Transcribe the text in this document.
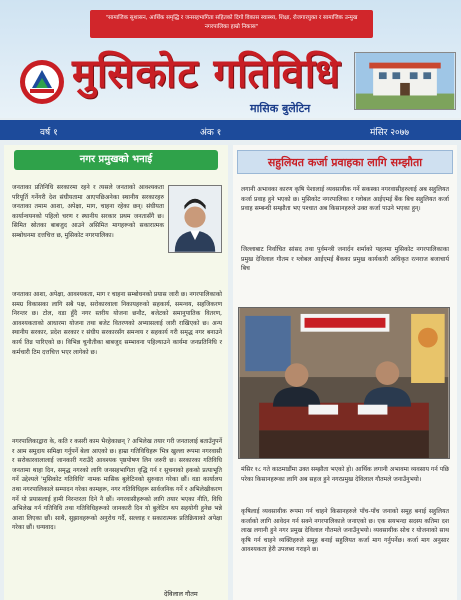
"सामाजिक सुशासन, आर्थिक समृद्धि र जनसहभागिता सहितको दिगो विकास स्वास्थ्य, शिक्षा, रोजगारयुक्त र सामाजिक उन्मुख नगरपालिका हाम्रो निकास"
मुसिकोट गतिविधि
मासिक बुलेटिन
वर्ष १	अंक १	मंसिर २०७७
नगर प्रमुखको भनाई

जनताका प्रतिनिधि सरकारमा रहने र त्यसले जनताको आवश्यकता परिपूर्ति गर्नेगरी देश संघीयतामा आएपछिअनेका स्थानीय सरकारहरु जनताका तमाम आशा, अपेक्षा, माग, चाहना रहेका छन्। संघीयता कार्यान्वयनको पहिलो चरण र स्थानीय सरकार प्रथम जनतासँगै छ। सिमित स्रोतका बाबजुद आउने असिमित मागहरूको सकारात्मक सम्बोधनमा दत्तचित्त छ, मुसिकोट नगरपालिका।

जनताका आशा, अपेक्षा, आवश्यकता, माग र चाहना सम्बोधनको प्रयास जारी छ। नगरपालिकाको समग्र विकासका लागि सबै पक्ष, सरोकारवाला निकायहरुको सहकार्य, समन्वय, सहजिकरण निरन्तर छ। टोल, वडा हुँदै नगर स्तरीय योजना छनौट, बजेटको समानुपातिक वितरण, आवश्यकताको आधारमा योजना तथा बजेट वितरणको अभ्यासलाई जारी राखिएको छ। अन्य स्थानीय सरकार, प्रदेश सरकार र संघीय सरकारसँग समन्वय र सहकार्य गरी समृद्ध नगर बनाउने कार्य तिव्र पारिएको छ। विभिन्न चुनौतीका बाबजुद सम्भावना पहिल्याउने कार्यमा जनप्रतिनिधि र कर्मचारी टिम दत्तचित्त भएर लागेको छ।

नगरपालिकाद्वारा के, कति र कसरी काम भैरहेकाछन् ? अभिलेख तयार गरी जनतालाई बताउँनुपर्ने र आम समुदाय समिक्षा गर्नुपर्ने बेला आएको छ। हाम्रा गतिविधिहरू भित्र खुल्ला रूपमा नगरवासी र सरोकारवालालाई जानकारी गराउँदै आवश्यक पृष्ठपोषण लिन जरुरी छ। सरकारका गतिविधि जनतामा थाहा दिन, समृद्ध नगरको लागि जनसहभागिता वृद्धि गर्न र सुचनाको हकको प्रत्याभूति गर्ने उद्देश्यले 'मुसिकोट गतिविधि' नामक मासिक बुलेटिनको सुरुवात गरेका छौं। वडा कार्यालय तथा नगरपालिकाले सम्पादन गरेका कामहरू, नगर गतिविधिहरू सार्वजनिक गर्ने र अभिलेखीकरण गर्ने यो प्रयासलाई हामी निरन्तरता दिने नै छौं। नगरवासीहरूको लागि तयार भएका नीति, विधि अभिलेख गर्न गतिविधि तथा गतिविधिहरूको जानकारी दिन यो बुलेटिन थप सहयोगी हुनेछ भन्ने आशा लिएका छौं। साथै, सुझावहरूको अनुरोध गर्दै, सल्लाह र सकारात्मक प्रतिक्रियाको अपेक्षा गरेका छौं। धन्यवाद।

देविलाल गौतम
सहुलियत कर्जा प्रवाहका लागि सम्झौता

लगानी अभावका कारण कृषि पेशालाई व्यवसायीक गर्ने सकस्का नगरवासीहरुलाई अब सहुलियत कर्जा प्रवाह हुने भएको छ। मुसिकोट नगरपालिका र ग्लोबल आईएमई बैंक बिच सहुलियत कर्जा प्रवाह सम्बन्धी सम्झौता भए पश्चात अब किसानहरुले उक्त कर्जा पाउने भएका हुन्।

जिल्लाबाट निर्वाचित सांसद तथा पुर्वमन्त्री जनार्दन शर्माको पहलमा मुसिकोट नगरपालिकाका प्रमुख देविलाल गौतम र ग्लोबल आईएमई बैंकका प्रमुख कार्यकारी अधिकृत रत्नराज बजाचार्य बिच

मंसिर १८ गते काठमाडौंमा उक्त सम्झौता भएको हो। आर्थिक लगानी अभावमा व्यवसाय गर्न पछि परेका किसानहरूका लागि अब सहज हुने नगरप्रमुख देविलाल गौतमले जनाउँनुभयो।

कृषिलाई व्यवसायीक रूपमा गर्न चाहने किसानहरुले पाँच-पाँच जनाको समूह बनाई सहुलियत कर्जाको लागि आवेदन गर्न सक्ने नगरपालिकाले जनाएको छ। एक सयभन्दा सदस्य कतिमा दश लाख लगानी हुने नगर प्रमुख देविलाल गौतमले जनाउँनुभयो। व्यवसायीक सोच र योजनाको साथ कृषि गर्न चाहने व्यक्तिहरुले समूह बनाई सहुलियत कर्जा माग गर्नुपर्नेछ। कर्जा माग अनुसार आवश्यकता हेरी उपलब्ध गराइने छ।
